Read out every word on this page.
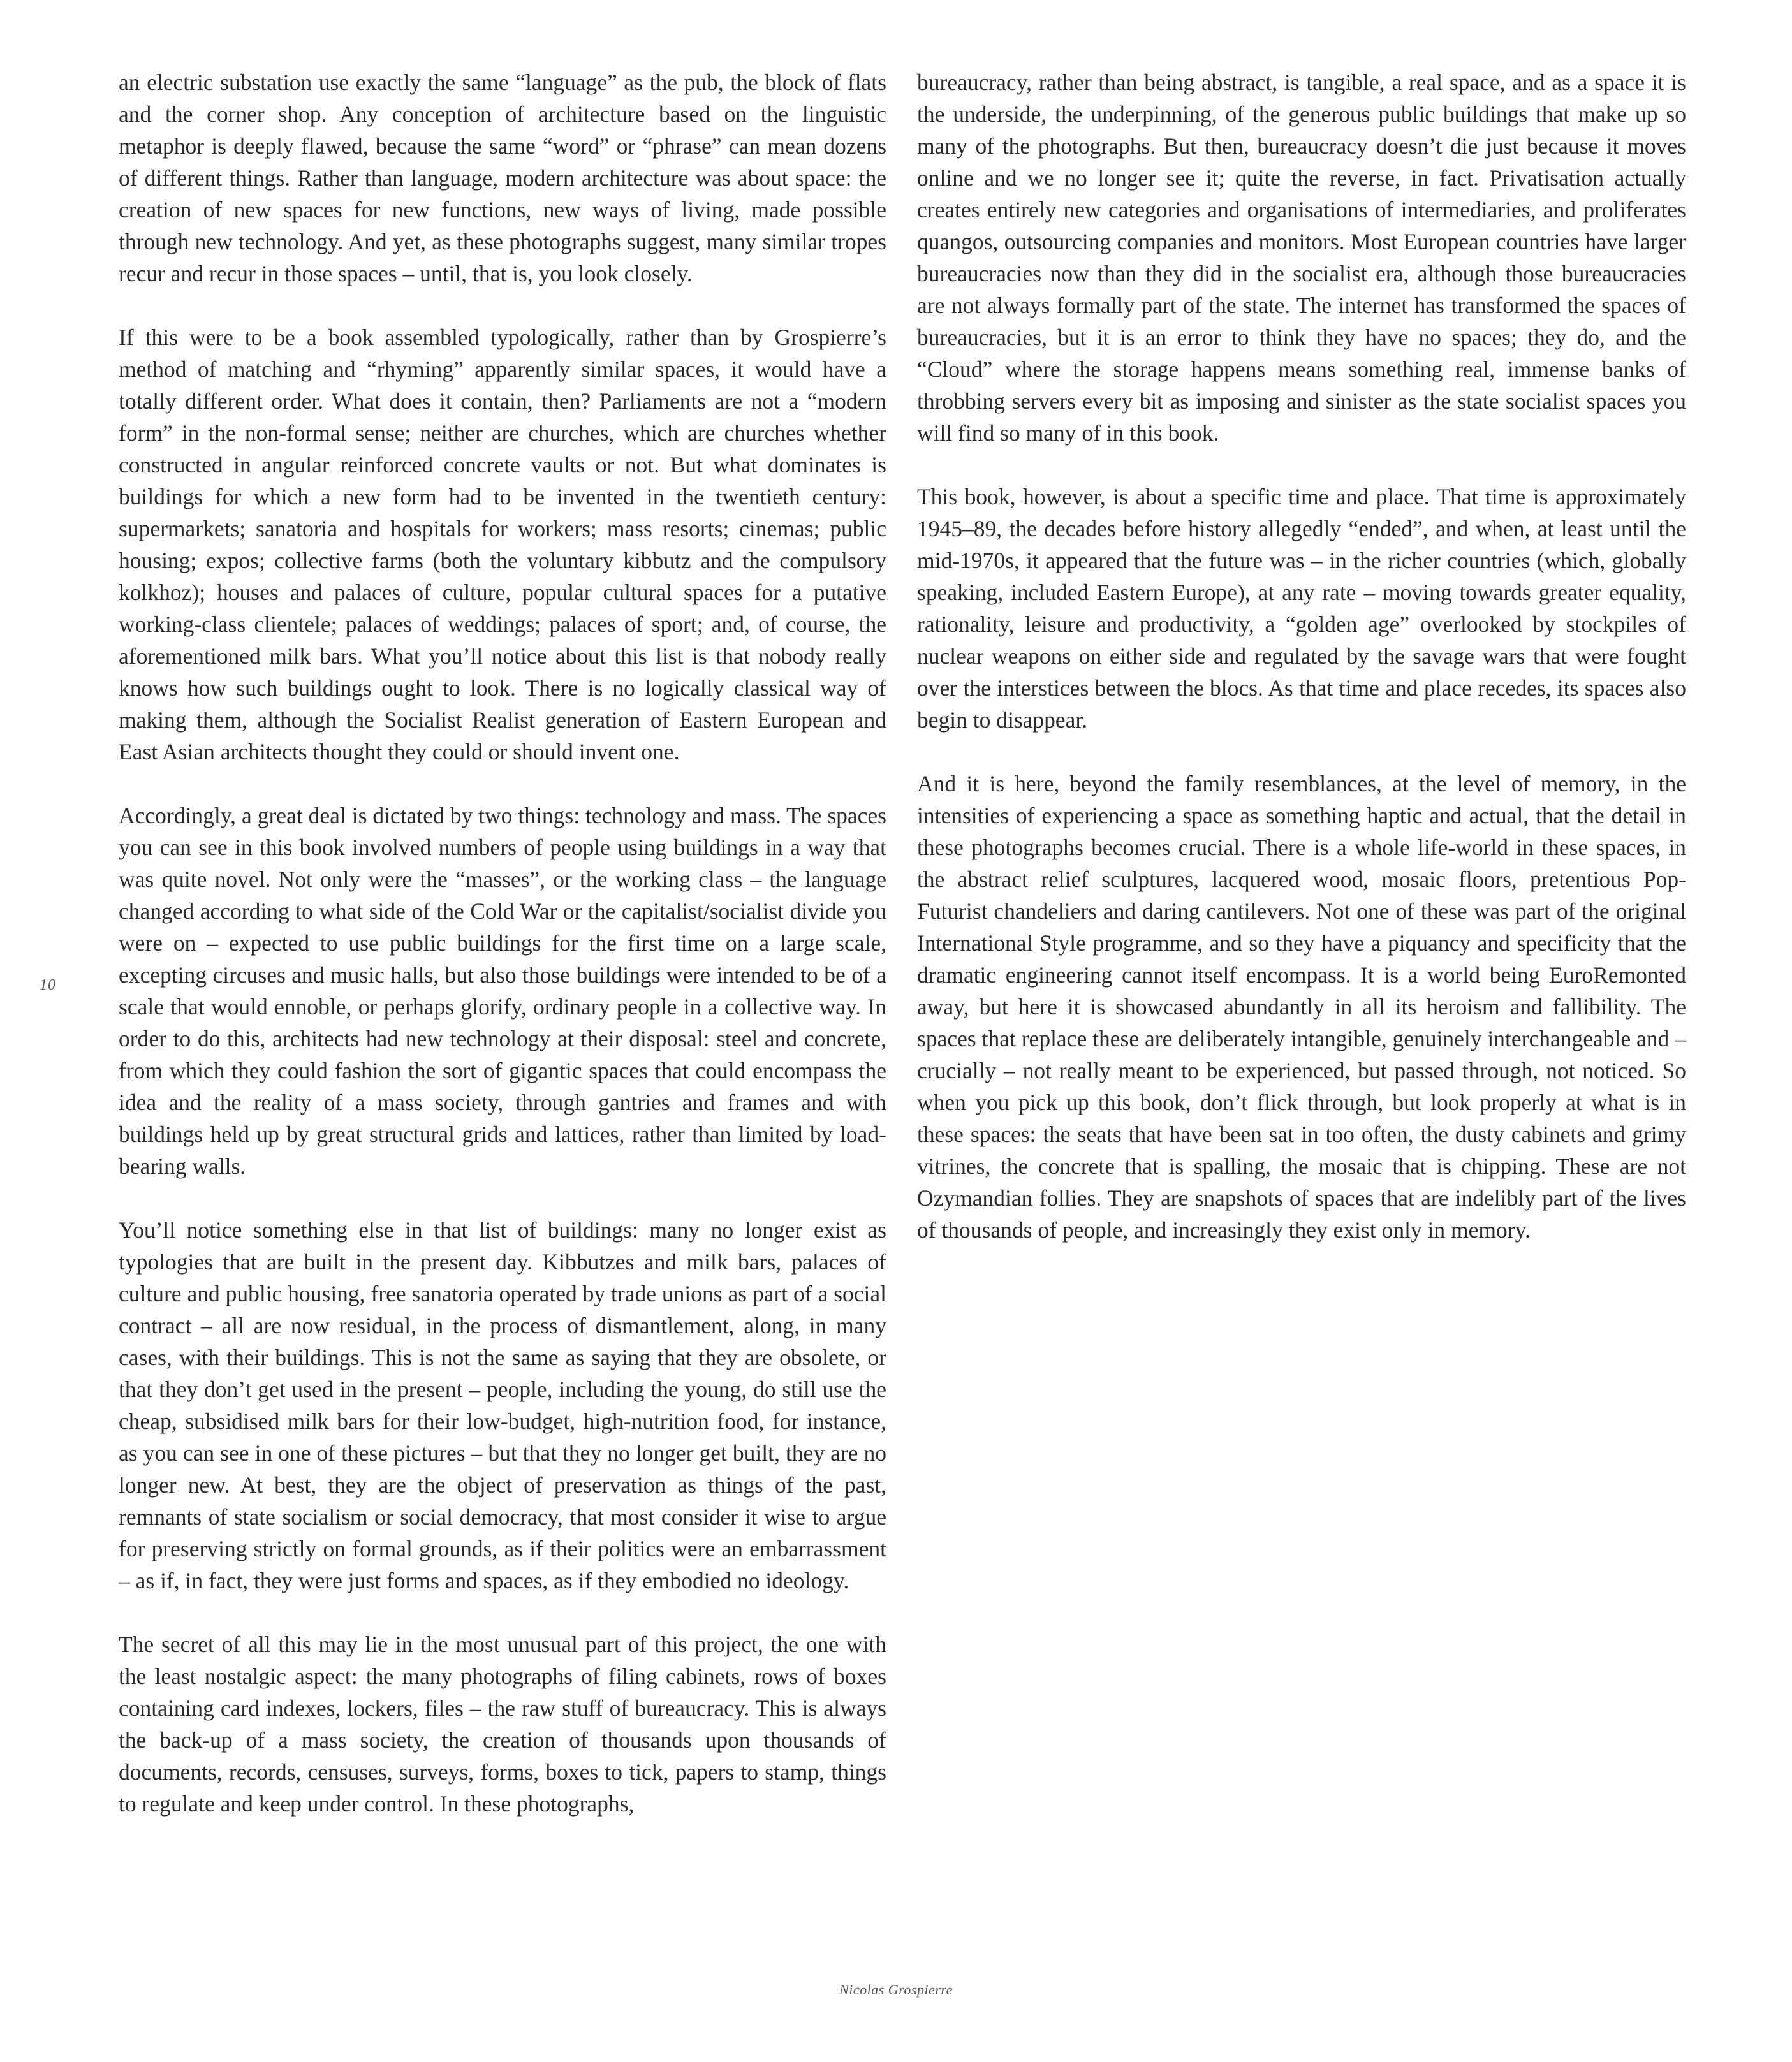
an electric substation use exactly the same “language” as the pub, the block of flats and the corner shop. Any conception of architecture based on the linguistic metaphor is deeply flawed, because the same “word” or “phrase” can mean dozens of different things. Rather than language, modern architecture was about space: the creation of new spaces for new functions, new ways of living, made possible through new technology. And yet, as these photographs suggest, many similar tropes recur and recur in those spaces – until, that is, you look closely.

If this were to be a book assembled typologically, rather than by Grospierre’s method of matching and “rhyming” apparently similar spaces, it would have a totally different order. What does it contain, then? Parliaments are not a “modern form” in the non-formal sense; neither are churches, which are churches whether constructed in angular reinforced concrete vaults or not. But what dominates is buildings for which a new form had to be invented in the twentieth century: supermarkets; sanatoria and hospitals for workers; mass resorts; cinemas; public housing; expos; collective farms (both the voluntary kibbutz and the compulsory kolkhoz); houses and palaces of culture, popular cultural spaces for a putative working-class clientele; palaces of weddings; palaces of sport; and, of course, the aforementioned milk bars. What you’ll notice about this list is that nobody really knows how such buildings ought to look. There is no logically classical way of making them, although the Socialist Realist generation of Eastern European and East Asian architects thought they could or should invent one.

Accordingly, a great deal is dictated by two things: technology and mass. The spaces you can see in this book involved numbers of people using buildings in a way that was quite novel. Not only were the “masses”, or the working class – the language changed according to what side of the Cold War or the capitalist/socialist divide you were on – expected to use public buildings for the first time on a large scale, excepting circuses and music halls, but also those buildings were intended to be of a scale that would ennoble, or perhaps glorify, ordinary people in a collective way. In order to do this, architects had new technology at their disposal: steel and concrete, from which they could fashion the sort of gigantic spaces that could encompass the idea and the reality of a mass society, through gantries and frames and with buildings held up by great structural grids and lattices, rather than limited by load-bearing walls.

You’ll notice something else in that list of buildings: many no longer exist as typologies that are built in the present day. Kibbutzes and milk bars, palaces of culture and public housing, free sanatoria operated by trade unions as part of a social contract – all are now residual, in the process of dismantlement, along, in many cases, with their buildings. This is not the same as saying that they are obsolete, or that they don’t get used in the present – people, including the young, do still use the cheap, subsidised milk bars for their low-budget, high-nutrition food, for instance, as you can see in one of these pictures – but that they no longer get built, they are no longer new. At best, they are the object of preservation as things of the past, remnants of state socialism or social democracy, that most consider it wise to argue for preserving strictly on formal grounds, as if their politics were an embarrassment – as if, in fact, they were just forms and spaces, as if they embodied no ideology.

The secret of all this may lie in the most unusual part of this project, the one with the least nostalgic aspect: the many photographs of filing cabinets, rows of boxes containing card indexes, lockers, files – the raw stuff of bureaucracy. This is always the back-up of a mass society, the creation of thousands upon thousands of documents, records, censuses, surveys, forms, boxes to tick, papers to stamp, things to regulate and keep under control. In these photographs,

10

bureaucracy, rather than being abstract, is tangible, a real space, and as a space it is the underside, the underpinning, of the generous public buildings that make up so many of the photographs. But then, bureaucracy doesn’t die just because it moves online and we no longer see it; quite the reverse, in fact. Privatisation actually creates entirely new categories and organisations of intermediaries, and proliferates quangos, outsourcing companies and monitors. Most European countries have larger bureaucracies now than they did in the socialist era, although those bureaucracies are not always formally part of the state. The internet has transformed the spaces of bureaucracies, but it is an error to think they have no spaces; they do, and the “Cloud” where the storage happens means something real, immense banks of throbbing servers every bit as imposing and sinister as the state socialist spaces you will find so many of in this book.

This book, however, is about a specific time and place. That time is approximately 1945–89, the decades before history allegedly “ended”, and when, at least until the mid-1970s, it appeared that the future was – in the richer countries (which, globally speaking, included Eastern Europe), at any rate – moving towards greater equality, rationality, leisure and productivity, a “golden age” overlooked by stockpiles of nuclear weapons on either side and regulated by the savage wars that were fought over the interstices between the blocs. As that time and place recedes, its spaces also begin to disappear.

And it is here, beyond the family resemblances, at the level of memory, in the intensities of experiencing a space as something haptic and actual, that the detail in these photographs becomes crucial. There is a whole life-world in these spaces, in the abstract relief sculptures, lacquered wood, mosaic floors, pretentious Pop-Futurist chandeliers and daring cantilevers. Not one of these was part of the original International Style programme, and so they have a piquancy and specificity that the dramatic engineering cannot itself encompass. It is a world being EuroRemonted away, but here it is showcased abundantly in all its heroism and fallibility. The spaces that replace these are deliberately intangible, genuinely interchangeable and – crucially – not really meant to be experienced, but passed through, not noticed. So when you pick up this book, don’t flick through, but look properly at what is in these spaces: the seats that have been sat in too often, the dusty cabinets and grimy vitrines, the concrete that is spalling, the mosaic that is chipping. These are not Ozymandian follies. They are snapshots of spaces that are indelibly part of the lives of thousands of people, and increasingly they exist only in memory.

Nicolas Grospierre
